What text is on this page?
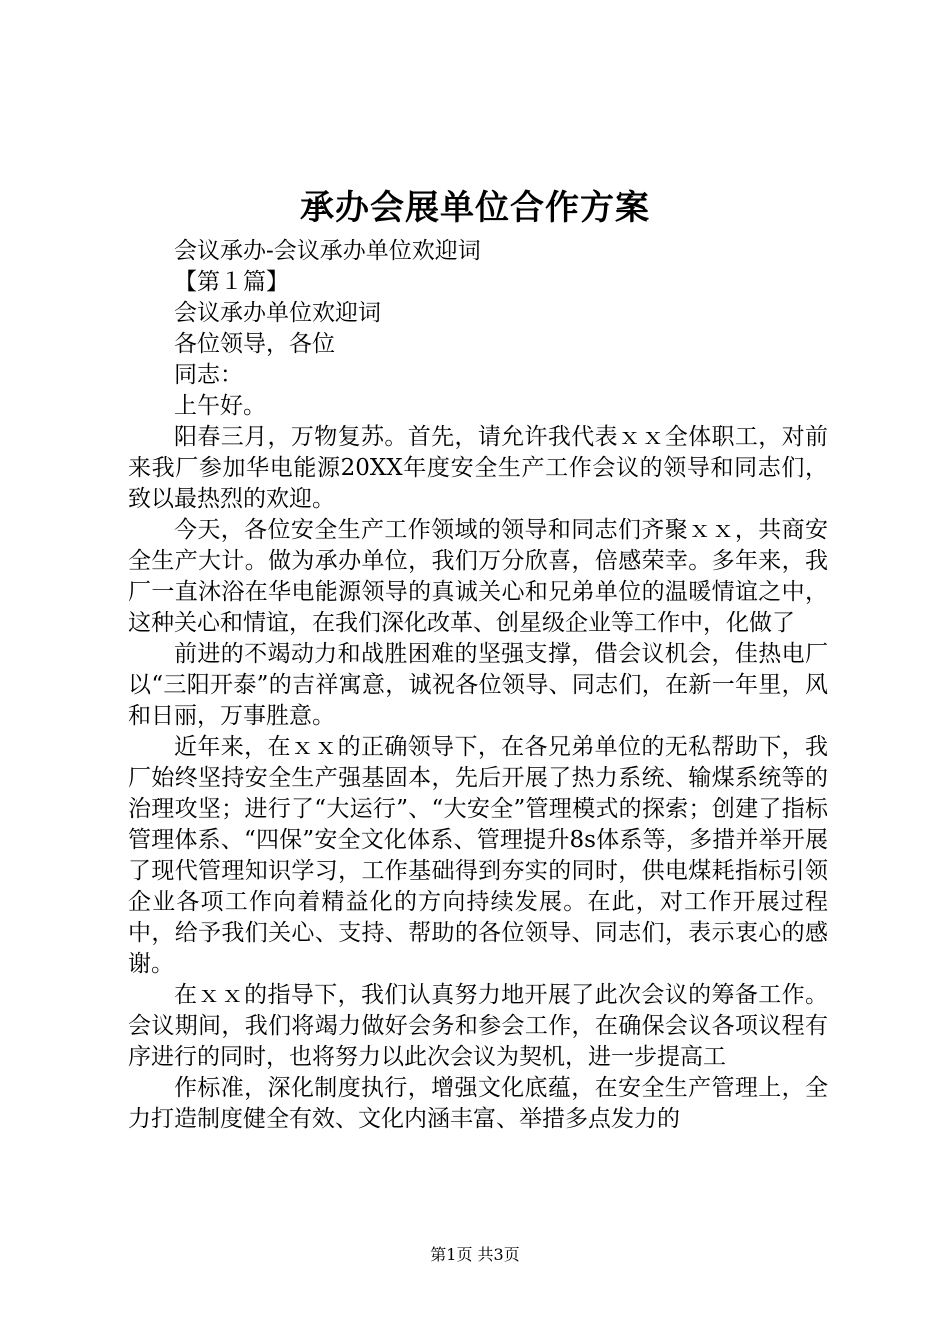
承办会展单位合作方案

会议承办-会议承办单位欢迎词

【第１篇】

会议承办单位欢迎词

各位领导，各位

同志：

上午好。

阳春三月，万物复苏。首先，请允许我代表ｘｘ全体职工，对前来我厂参加华电能源20XX年度安全生产工作会议的领导和同志们，致以最热烈的欢迎。

今天，各位安全生产工作领域的领导和同志们齐聚ｘｘ，共商安全生产大计。做为承办单位，我们万分欣喜，倍感荣幸。多年来，我厂一直沐浴在华电能源领导的真诚关心和兄弟单位的温暖情谊之中，这种关心和情谊，在我们深化改革、创星级企业等工作中，化做了

前进的不竭动力和战胜困难的坚强支撑，借会议机会，佳热电厂以“三阳开泰”的吉祥寓意，诚祝各位领导、同志们，在新一年里，风和日丽，万事胜意。

近年来，在ｘｘ的正确领导下，在各兄弟单位的无私帮助下，我厂始终坚持安全生产强基固本，先后开展了热力系统、输煤系统等的治理攻坚；进行了“大运行”、“大安全”管理模式的探索；创建了指标管理体系、“四保”安全文化体系、管理提升8s体系等，多措并举开展了现代管理知识学习，工作基础得到夯实的同时，供电煤耗指标引领企业各项工作向着精益化的方向持续发展。在此，对工作开展过程中，给予我们关心、支持、帮助的各位领导、同志们，表示衷心的感谢。

在ｘｘ的指导下，我们认真努力地开展了此次会议的筹备工作。会议期间，我们将竭力做好会务和参会工作，在确保会议各项议程有序进行的同时，也将努力以此次会议为契机，进一步提高工

作标准，深化制度执行，增强文化底蕴，在安全生产管理上，全力打造制度健全有效、文化内涵丰富、举措多点发力的

第1页 共3页
